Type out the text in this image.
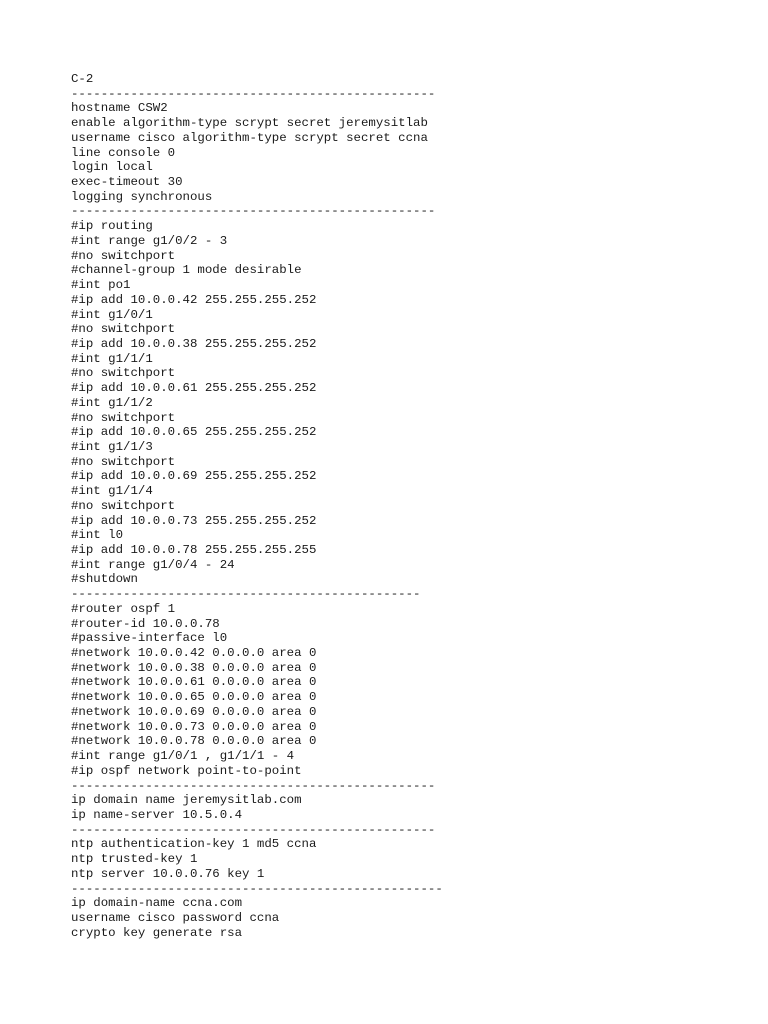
C-2
-------------------------------------------------
hostname CSW2
enable algorithm-type scrypt secret jeremysitlab
username cisco algorithm-type scrypt secret ccna
line console 0
login local
exec-timeout 30
logging synchronous
-------------------------------------------------
#ip routing
#int range g1/0/2 - 3
#no switchport
#channel-group 1 mode desirable
#int po1
#ip add 10.0.0.42 255.255.255.252
#int g1/0/1
#no switchport
#ip add 10.0.0.38 255.255.255.252
#int g1/1/1
#no switchport
#ip add 10.0.0.61 255.255.255.252
#int g1/1/2
#no switchport
#ip add 10.0.0.65 255.255.255.252
#int g1/1/3
#no switchport
#ip add 10.0.0.69 255.255.255.252
#int g1/1/4
#no switchport
#ip add 10.0.0.73 255.255.255.252
#int l0
#ip add 10.0.0.78 255.255.255.255
#int range g1/0/4 - 24
#shutdown
-----------------------------------------------
#router ospf 1
#router-id 10.0.0.78
#passive-interface l0
#network 10.0.0.42 0.0.0.0 area 0
#network 10.0.0.38 0.0.0.0 area 0
#network 10.0.0.61 0.0.0.0 area 0
#network 10.0.0.65 0.0.0.0 area 0
#network 10.0.0.69 0.0.0.0 area 0
#network 10.0.0.73 0.0.0.0 area 0
#network 10.0.0.78 0.0.0.0 area 0
#int range g1/0/1 , g1/1/1 - 4
#ip ospf network point-to-point
-------------------------------------------------
ip domain name jeremysitlab.com
ip name-server 10.5.0.4
-------------------------------------------------
ntp authentication-key 1 md5 ccna
ntp trusted-key 1
ntp server 10.0.0.76 key 1
--------------------------------------------------
ip domain-name ccna.com
username cisco password ccna
crypto key generate rsa
